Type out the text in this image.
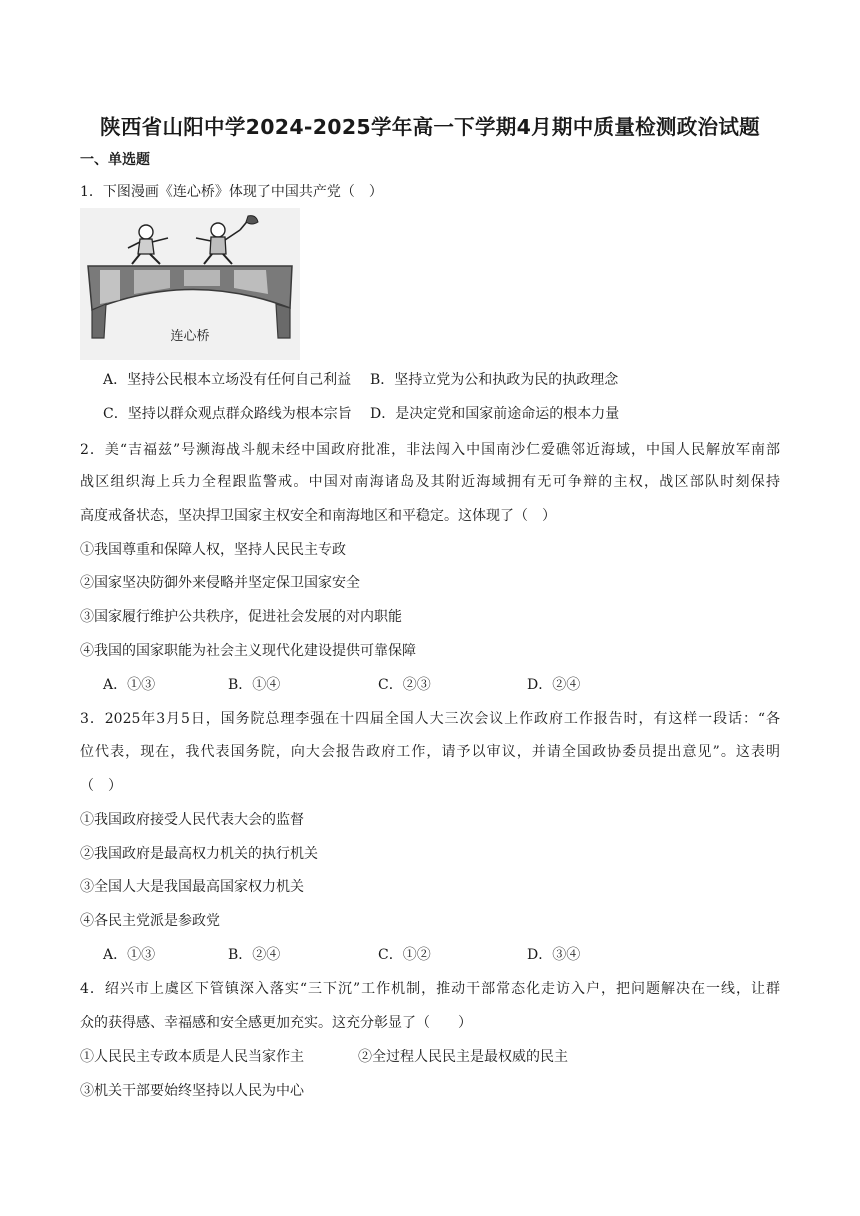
陕西省山阳中学2024-2025学年高一下学期4月期中质量检测政治试题
一、单选题
1．下图漫画《连心桥》体现了中国共产党（　）
连心桥
A．坚持公民根本立场没有任何自己利益 B．坚持立党为公和执政为民的执政理念
C．坚持以群众观点群众路线为根本宗旨 D．是决定党和国家前途命运的根本力量
2．美“吉福兹”号濒海战斗舰未经中国政府批准，非法闯入中国南沙仁爱礁邻近海域，中国人民解放军南部
战区组织海上兵力全程跟监警戒。中国对南海诸岛及其附近海域拥有无可争辩的主权，战区部队时刻保持
高度戒备状态，坚决捍卫国家主权安全和南海地区和平稳定。这体现了（　）
①我国尊重和保障人权，坚持人民民主专政
②国家坚决防御外来侵略并坚定保卫国家安全
③国家履行维护公共秩序，促进社会发展的对内职能
④我国的国家职能为社会主义现代化建设提供可靠保障
A．①③	B．①④	C．②③	D．②④
3．2025年3月5日，国务院总理李强在十四届全国人大三次会议上作政府工作报告时，有这样一段话：“各
位代表，现在，我代表国务院，向大会报告政府工作，请予以审议，并请全国政协委员提出意见”。这表明
（　）
①我国政府接受人民代表大会的监督
②我国政府是最高权力机关的执行机关
③全国人大是我国最高国家权力机关
④各民主党派是参政党
A．①③	B．②④	C．①②	D．③④
4．绍兴市上虞区下管镇深入落实“三下沉”工作机制，推动干部常态化走访入户，把问题解决在一线，让群
众的获得感、幸福感和安全感更加充实。这充分彰显了（　　）
①人民民主专政本质是人民当家作主	②全过程人民民主是最权威的民主
③机关干部要始终坚持以人民为中心
